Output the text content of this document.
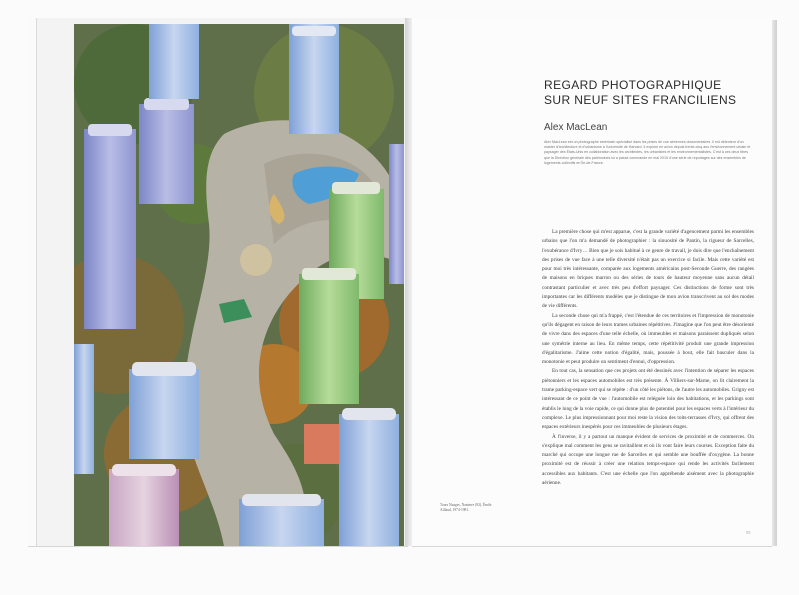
REGARD PHOTOGRAPHIQUE
SUR NEUF SITES FRANCILIENS
Alex MacLean
Alex MacLean est un photographe américain spécialisé dans les prises de vue aériennes documentaires. Il est détenteur d'un master d'architecture et d'urbanisme à l'université de Harvard. Il explore en avion depuis trente-cinq ans l'environnement urbain et paysager des États-Unis en collaboration avec les architectes, les urbanistes et les environnementalistes. C'est à ces deux titres que la Direction générale des patrimoines lui a passé commande en mai 2015 d'une série de reportages sur des ensembles de logements collectifs en Île-de-France.

La première chose qui m'est apparue, c'est la grande variété d'agencement parmi les ensembles urbains que l'on m'a demandé de photographier : la sinuosité de Pantin, la rigueur de Sarcelles, l'exubérance d'Ivry… Bien que je sois habitué à ce genre de travail, je dois dire que l'enchaînement des prises de vue face à une telle diversité n'était pas un exercice si facile. Mais cette variété est pour moi très intéressante, comparée aux logements américains post-Seconde Guerre, des rangées de maisons en briques marron ou des séries de tours de hauteur moyenne sans aucun détail contrastant particulier et avec très peu d'effort paysager. Ces distinctions de forme sont très importantes car les différents modèles que je distingue de mon avion transcrivent au sol des modes de vie différents.

La seconde chose qui m'a frappé, c'est l'étendue de ces territoires et l'impression de monotonie qu'ils dégagent en raison de leurs trames urbaines répétitives. J'imagine que l'on peut être désorienté de vivre dans des espaces d'une telle échelle, où immeubles et maisons paraissent dupliqués selon une symétrie interne au lieu. En même temps, cette répétitivité produit une grande impression d'égalitarisme. J'aime cette notion d'égalité, mais, poussée à bout, elle fait basculer dans la monotonie et peut produire un sentiment d'ennui, d'oppression.

En tout cas, la sensation que ces projets ont été dessinés avec l'intention de séparer les espaces piétonniers et les espaces automobiles est très présente. À Villiers-sur-Marne, on lit clairement la trame parking-espace vert qui se répète : d'un côté les piétons, de l'autre les automobiles. Grigny est intéressant de ce point de vue : l'automobile est reléguée loin des habitations, et les parkings sont établis le long de la voie rapide, ce qui donne plus de potentiel pour les espaces verts à l'intérieur du complexe. Le plus impressionnant pour moi reste la vision des toits-terrasses d'Ivry, qui offrent des espaces extérieurs inespérés pour ces immeubles de plusieurs étages.

À l'inverse, il y a partout un manque évident de services de proximité et de commerces. On s'explique mal comment les gens se ravitaillent et où ils vont faire leurs courses. Exception faite du marché qui occupe une longue rue de Sarcelles et qui semble une bouffée d'oxygène. La bonne proximité est de réussir à créer une relation temps-espace qui rende les activités facilement accessibles aux habitants. C'est une échelle que l'on appréhende aisément avec la photographie aérienne.

55
Tours Nuages, Nanterre (92), Émile Aillaud, 1974-1981.
